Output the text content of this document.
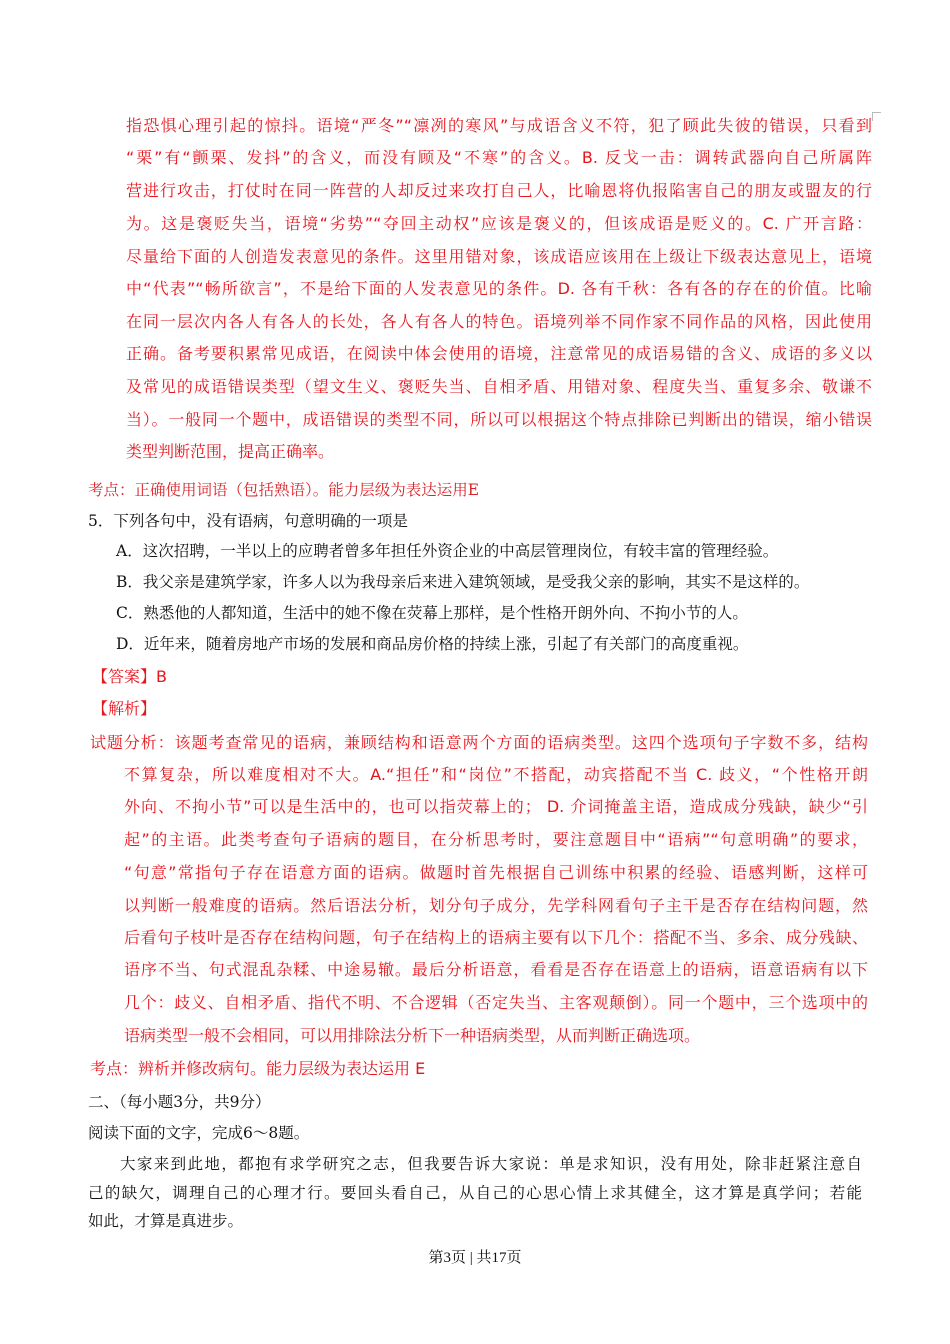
指恐惧心理引起的惊抖。语境“严冬”“凛冽的寒风”与成语含义不符，犯了顾此失彼的错误，只看到
“栗”有“颤栗、发抖”的含义，而没有顾及“不寒”的含义。B. 反戈一击：调转武器向自己所属阵
营进行攻击，打仗时在同一阵营的人却反过来攻打自己人，比喻恩将仇报陷害自己的朋友或盟友的行
为。这是褒贬失当，语境“劣势”“夺回主动权”应该是褒义的，但该成语是贬义的。C. 广开言路：
尽量给下面的人创造发表意见的条件。这里用错对象，该成语应该用在上级让下级表达意见上，语境
中“代表”“畅所欲言”，不是给下面的人发表意见的条件。D. 各有千秋：各有各的存在的价值。比喻
在同一层次内各人有各人的长处，各人有各人的特色。语境列举不同作家不同作品的风格，因此使用
正确。备考要积累常见成语，在阅读中体会使用的语境，注意常见的成语易错的含义、成语的多义以
及常见的成语错误类型（望文生义、褒贬失当、自相矛盾、用错对象、程度失当、重复多余、敬谦不
当）。一般同一个题中，成语错误的类型不同，所以可以根据这个特点排除已判断出的错误，缩小错误
类型判断范围，提高正确率。
考点：正确使用词语（包括熟语）。能力层级为表达运用E
5．下列各句中，没有语病，句意明确的一项是
A．这次招聘，一半以上的应聘者曾多年担任外资企业的中高层管理岗位，有较丰富的管理经验。
B．我父亲是建筑学家，许多人以为我母亲后来进入建筑领域，是受我父亲的影响，其实不是这样的。
C．熟悉他的人都知道，生活中的她不像在荧幕上那样，是个性格开朗外向、不拘小节的人。
D．近年来，随着房地产市场的发展和商品房价格的持续上涨，引起了有关部门的高度重视。
【答案】B
【解析】
试题分析：该题考查常见的语病，兼顾结构和语意两个方面的语病类型。这四个选项句子字数不多，结构
不算复杂，所以难度相对不大。A.“担任”和“岗位”不搭配，动宾搭配不当 C. 歧义，“个性格开朗
外向、不拘小节”可以是生活中的，也可以指荧幕上的； D. 介词掩盖主语，造成成分残缺，缺少“引
起”的主语。此类考查句子语病的题目，在分析思考时，要注意题目中“语病”“句意明确”的要求，
“句意”常指句子存在语意方面的语病。做题时首先根据自己训练中积累的经验、语感判断，这样可
以判断一般难度的语病。然后语法分析，划分句子成分，先学科网看句子主干是否存在结构问题，然
后看句子枝叶是否存在结构问题，句子在结构上的语病主要有以下几个：搭配不当、多余、成分残缺、
语序不当、句式混乱杂糅、中途易辙。最后分析语意，看看是否存在语意上的语病，语意语病有以下
几个：歧义、自相矛盾、指代不明、不合逻辑（否定失当、主客观颠倒）。同一个题中，三个选项中的
语病类型一般不会相同，可以用排除法分析下一种语病类型，从而判断正确选项。
考点：辨析并修改病句。能力层级为表达运用 E
二、（每小题3分，共9分）
阅读下面的文字，完成6～8题。
大家来到此地，都抱有求学研究之志，但我要告诉大家说：单是求知识，没有用处，除非赶紧注意自
己的缺欠，调理自己的心理才行。要回头看自己，从自己的心思心情上求其健全，这才算是真学问；若能
如此，才算是真进步。
第3页 | 共17页
